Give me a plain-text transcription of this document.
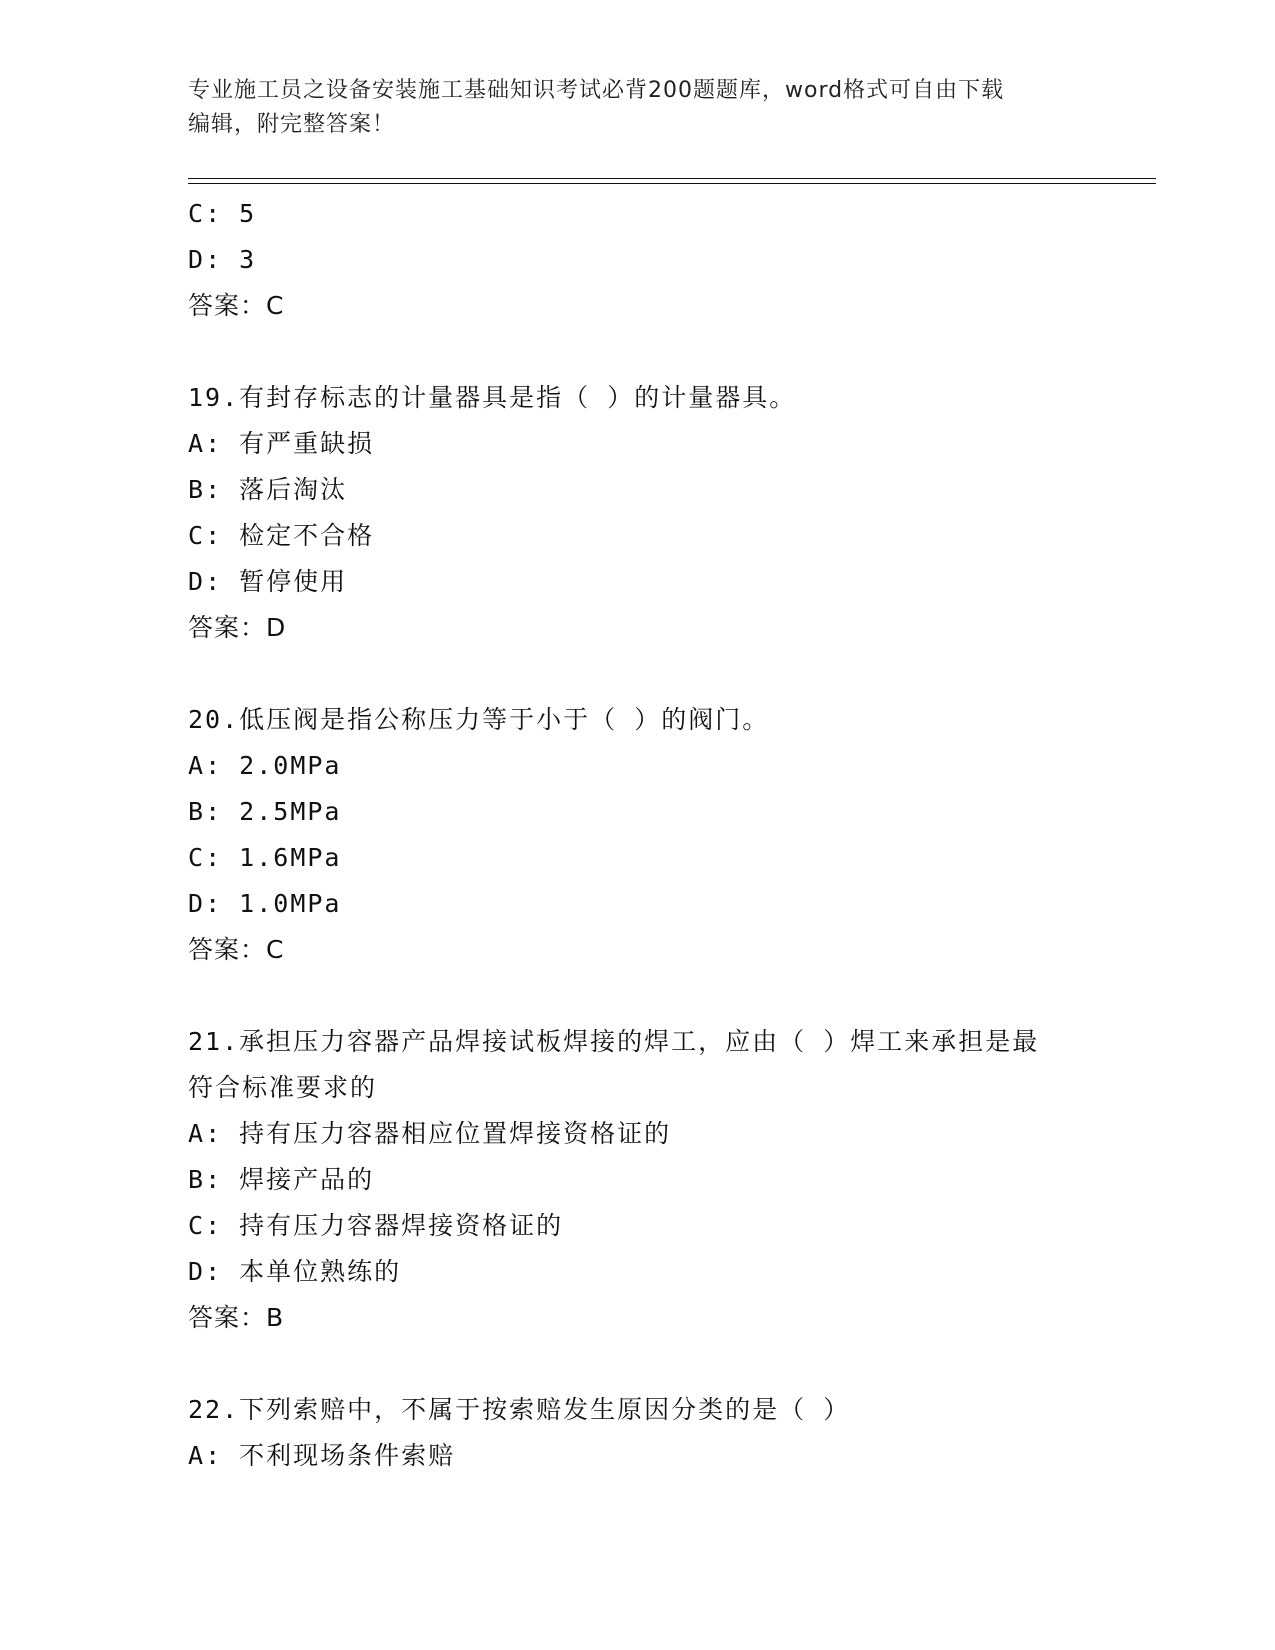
专业施工员之设备安装施工基础知识考试必背200题题库，word格式可自由下载
编辑，附完整答案！
C: 5
D: 3
答案：C
19.有封存标志的计量器具是指（ ）的计量器具。
A: 有严重缺损
B: 落后淘汰
C: 检定不合格
D: 暂停使用
答案：D
20.低压阀是指公称压力等于小于（ ）的阀门。
A: 2.0MPa
B: 2.5MPa
C: 1.6MPa
D: 1.0MPa
答案：C
21.承担压力容器产品焊接试板焊接的焊工，应由（ ）焊工来承担是最符合标准要求的
A: 持有压力容器相应位置焊接资格证的
B: 焊接产品的
C: 持有压力容器焊接资格证的
D: 本单位熟练的
答案：B
22.下列索赔中，不属于按索赔发生原因分类的是（ ）
A: 不利现场条件索赔
